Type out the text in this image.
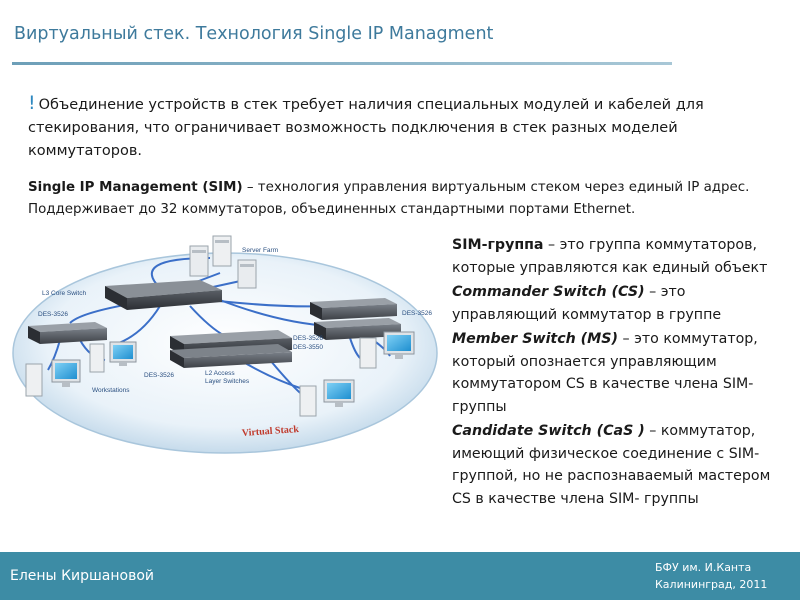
Виртуальный стек. Технология Single IP Managment
! Объединение устройств в стек требует наличия специальных модулей и кабелей для стекирования, что ограничивает возможность подключения в стек разных моделей коммутаторов.
Single IP Management (SIM) – технология управления виртуальным стеком через единый IP адрес. Поддерживает до 32 коммутаторов, объединенных стандартными портами Ethernet.
Server Farm
L3 Core Switch
DES-3526	DES-3526
DES-3526
DES-3550
DES-3526	L2 Access
Layer Switches
Workstations
Virtual Stack

SIM-группа – это группа коммутаторов, которые управляются как единый объект

Commander Switch (CS) – это управляющий коммутатор в группе

Member Switch (MS) – это коммутатор, который опознается управляющим коммутатором CS в качестве члена SIM- группы

Candidate Switch (CaS ) – коммутатор, имеющий физическое соединение с SIM-группой, но не распознаваемый мастером CS в качестве члена SIM- группы

Елены Киршановой
БФУ им. И.Канта
Калининград, 2011
